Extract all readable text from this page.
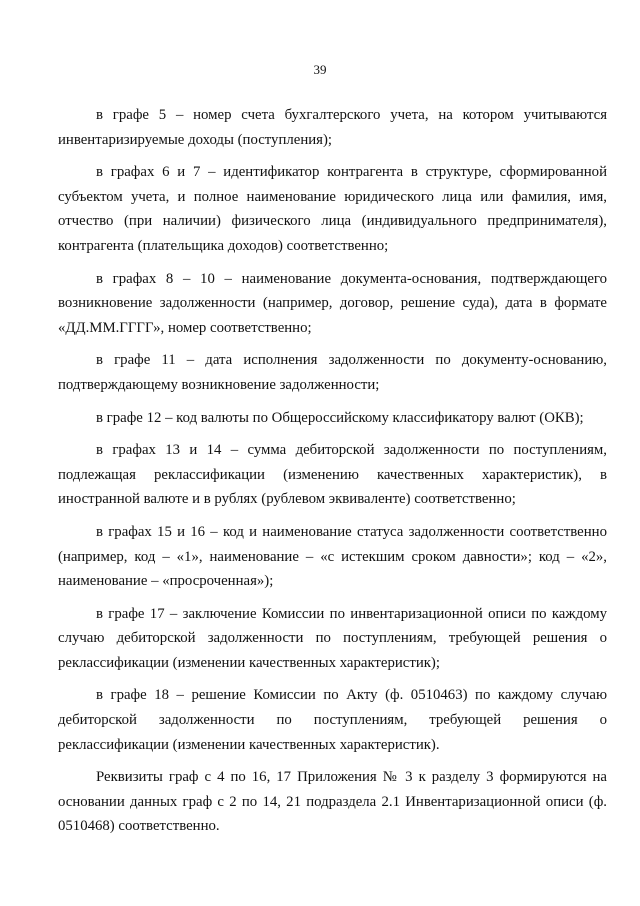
39

в графе 5 – номер счета бухгалтерского учета, на котором учитываются инвентаризируемые доходы (поступления);

в графах 6 и 7 – идентификатор контрагента в структуре, сформированной субъектом учета, и полное наименование юридического лица или фамилия, имя, отчество (при наличии) физического лица (индивидуального предпринимателя), контрагента (плательщика доходов) соответственно;

в графах 8 – 10 – наименование документа-основания, подтверждающего возникновение задолженности (например, договор, решение суда), дата в формате «ДД.ММ.ГГГГ», номер соответственно;

в графе 11 – дата исполнения задолженности по документу-основанию, подтверждающему возникновение задолженности;

в графе 12 – код валюты по Общероссийскому классификатору валют (ОКВ);

в графах 13 и 14 – сумма дебиторской задолженности по поступлениям, подлежащая реклассификации (изменению качественных характеристик), в иностранной валюте и в рублях (рублевом эквиваленте) соответственно;

в графах 15 и 16 – код и наименование статуса задолженности соответственно (например, код – «1», наименование – «с истекшим сроком давности»; код – «2», наименование – «просроченная»);

в графе 17 – заключение Комиссии по инвентаризационной описи по каждому случаю дебиторской задолженности по поступлениям, требующей решения о реклассификации (изменении качественных характеристик);

в графе 18 – решение Комиссии по Акту (ф. 0510463) по каждому случаю дебиторской задолженности по поступлениям, требующей решения о реклассификации (изменении качественных характеристик).

Реквизиты граф с 4 по 16, 17 Приложения № 3 к разделу 3 формируются на основании данных граф с 2 по 14, 21 подраздела 2.1 Инвентаризационной описи (ф. 0510468) соответственно.
